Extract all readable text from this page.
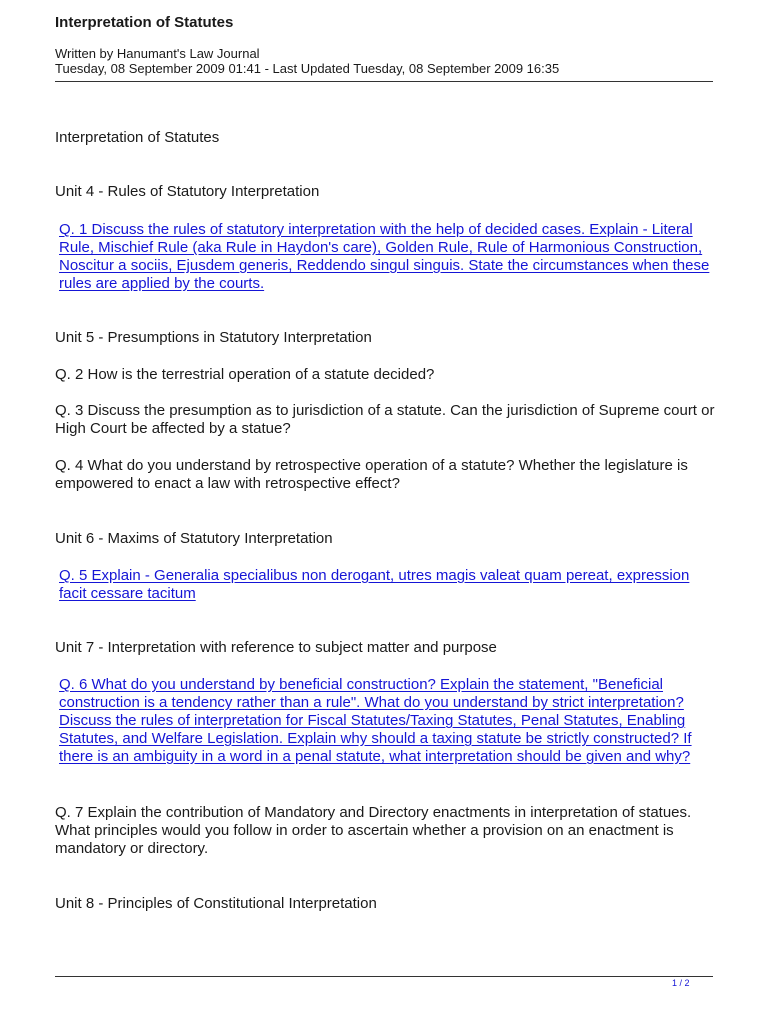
Interpretation of Statutes
Written by Hanumant's Law Journal
Tuesday, 08 September 2009 01:41 - Last Updated Tuesday, 08 September 2009 16:35
Interpretation of Statutes
Unit 4 - Rules of Statutory Interpretation
Q. 1 Discuss the rules of statutory interpretation with the help of decided cases. Explain - Literal Rule, Mischief Rule (aka Rule in Haydon's care), Golden Rule, Rule of Harmonious Construction, Noscitur a sociis, Ejusdem generis, Reddendo singul singuis. State the circumstances when these rules are applied by the courts.
Unit 5 - Presumptions in Statutory Interpretation
Q. 2 How is the terrestrial operation of a statute decided?
Q. 3 Discuss the presumption as to jurisdiction of a statute. Can the jurisdiction of Supreme court or High Court be affected by a statue?
Q. 4 What do you understand by retrospective operation of a statute? Whether the legislature is empowered to enact a law with retrospective effect?
Unit 6 - Maxims of Statutory Interpretation
Q. 5 Explain - Generalia specialibus non derogant, utres magis valeat quam pereat, expression facit cessare tacitum
Unit 7 - Interpretation with reference to subject matter and purpose
Q. 6 What do you understand by beneficial construction? Explain the statement, "Beneficial construction is a tendency rather than a rule". What do you understand by strict interpretation? Discuss the rules of interpretation for Fiscal Statutes/Taxing Statutes, Penal Statutes, Enabling Statutes, and Welfare Legislation. Explain why should a taxing statute be strictly constructed? If there is an ambiguity in a word in a penal statute, what interpretation should be given and why?
Q. 7 Explain the contribution of Mandatory and Directory enactments in interpretation of statues. What principles would you follow in order to ascertain whether a provision on an enactment is mandatory or directory.
Unit 8 - Principles of Constitutional Interpretation
1 / 2
